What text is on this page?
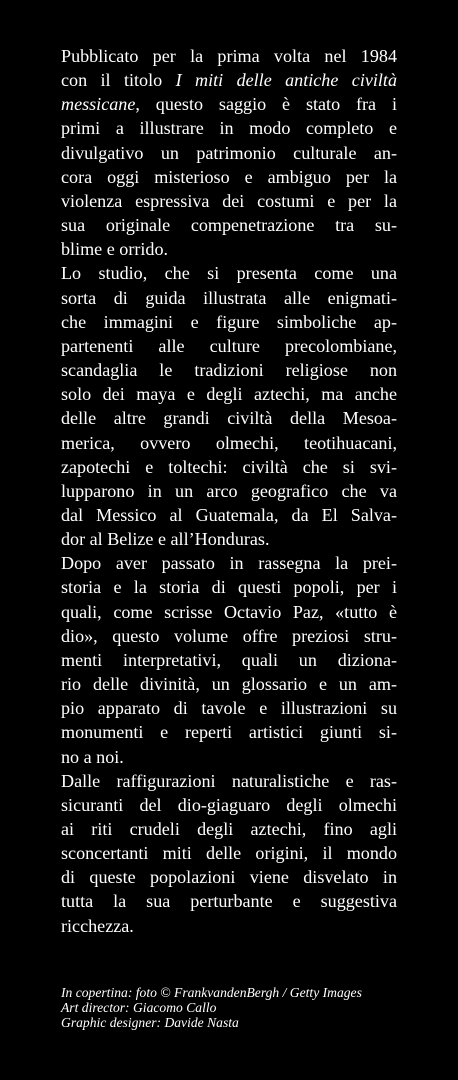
Pubblicato per la prima volta nel 1984
con il titolo I miti delle antiche civiltà
messicane, questo saggio è stato fra i
primi a illustrare in modo completo e
divulgativo un patrimonio culturale an-
cora oggi misterioso e ambiguo per la
violenza espressiva dei costumi e per la
sua originale compenetrazione tra su-
blime e orrido.

Lo studio, che si presenta come una
sorta di guida illustrata alle enigmati-
che immagini e figure simboliche ap-
partenenti alle culture precolombiane,
scandaglia le tradizioni religiose non
solo dei maya e degli aztechi, ma anche
delle altre grandi civiltà della Mesoa-
merica, ovvero olmechi, teotihuacani,
zapotechi e toltechi: civiltà che si svi-
lupparono in un arco geografico che va
dal Messico al Guatemala, da El Salva-
dor al Belize e all’Honduras.

Dopo aver passato in rassegna la prei-
storia e la storia di questi popoli, per i
quali, come scrisse Octavio Paz, «tutto è
dio», questo volume offre preziosi stru-
menti interpretativi, quali un diziona-
rio delle divinità, un glossario e un am-
pio apparato di tavole e illustrazioni su
monumenti e reperti artistici giunti si-
no a noi.

Dalle raffigurazioni naturalistiche e ras-
sicuranti del dio-giaguaro degli olmechi
ai riti crudeli degli aztechi, fino agli
sconcertanti miti delle origini, il mondo
di queste popolazioni viene disvelato in
tutta la sua perturbante e suggestiva
ricchezza.

In copertina: foto © FrankvandenBergh / Getty Images
Art director: Giacomo Callo
Graphic designer: Davide Nasta
